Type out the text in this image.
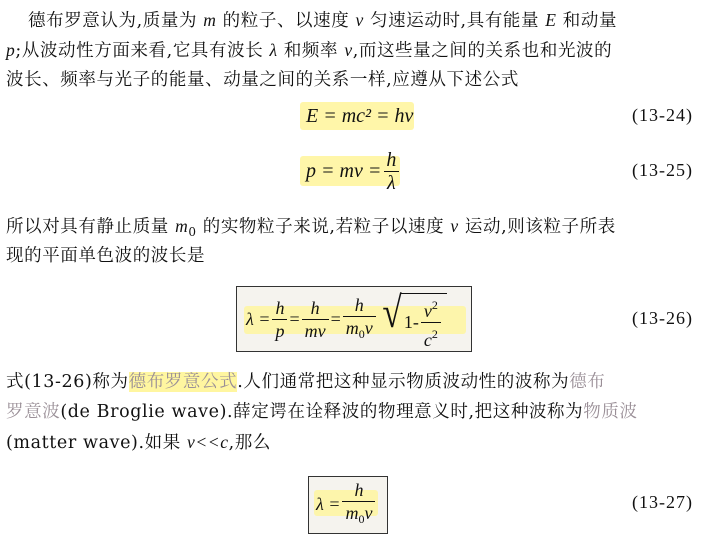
德布罗意认为,质量为 m 的粒子、以速度 v 匀速运动时,具有能量 E 和动量
p;从波动性方面来看,它具有波长 λ 和频率 ν,而这些量之间的关系也和光波的
波长、频率与光子的能量、动量之间的关系一样,应遵从下述公式
E = mc² = hν	(13-24)
p = mv = $\frac{h}{\lambda}$	(13-25)
所以对具有静止质量 $m_0$ 的实物粒子来说,若粒子以速度 v 运动,则该粒子所表
现的平面单色波的波长是
$\lambda = \frac{h}{p} = \frac{h}{mv} = \frac{h}{m_0v}$ √ $1- \frac{v^2}{c^2}$	(13-26)
式(13-26)称为德布罗意公式.人们通常把这种显示物质波动性的波称为德布
罗意波(de Broglie wave).薛定谔在诠释波的物理意义时,把这种波称为物质波
(matter wave).如果 v<<c,那么
$\lambda = \frac{h}{m_0v}$	(13-27)
